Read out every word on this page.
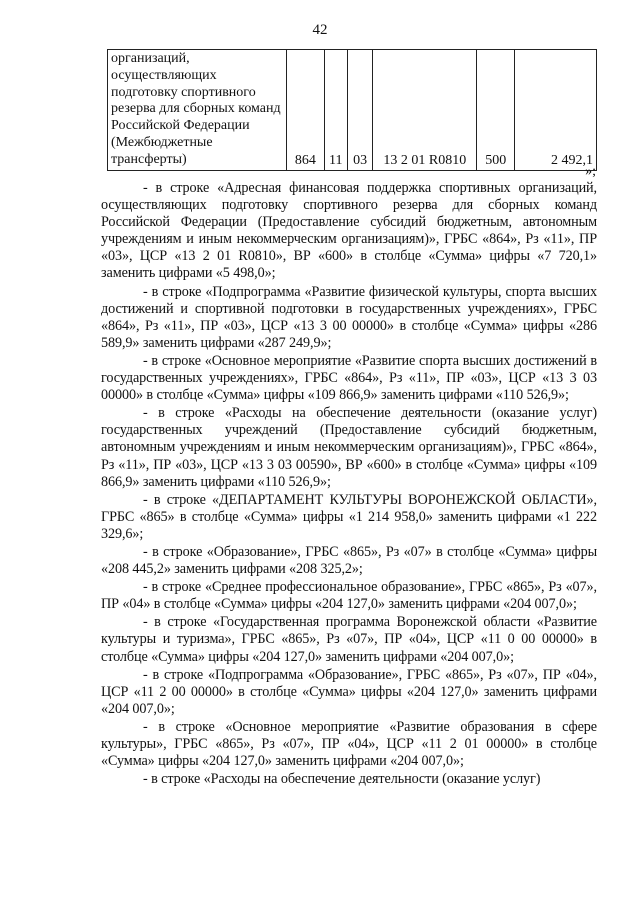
42
организаций, осуществляющих подготовку спортивного резерва для сборных команд Российской Федерации (Межбюджетные трансферты)	864	11	03	13 2 01 R0810	500	2 492,1
»;

- в строке «Адресная финансовая поддержка спортивных организаций, осуществляющих подготовку спортивного резерва для сборных команд Российской Федерации (Предоставление субсидий бюджетным, автономным учреждениям и иным некоммерческим организациям)», ГРБС «864», Рз «11», ПР «03», ЦСР «13 2 01 R0810», ВР «600» в столбце «Сумма» цифры «7 720,1» заменить цифрами «5 498,0»;

- в строке «Подпрограмма «Развитие физической культуры, спорта высших достижений и спортивной подготовки в государственных учреждениях», ГРБС «864», Рз «11», ПР «03», ЦСР «13 3 00 00000» в столбце «Сумма» цифры «286 589,9» заменить цифрами «287 249,9»;

- в строке «Основное мероприятие «Развитие спорта высших достижений в государственных учреждениях», ГРБС «864», Рз «11», ПР «03», ЦСР «13 3 03 00000» в столбце «Сумма» цифры «109 866,9» заменить цифрами «110 526,9»;

- в строке «Расходы на обеспечение деятельности (оказание услуг) государственных учреждений (Предоставление субсидий бюджетным, автономным учреждениям и иным некоммерческим организациям)», ГРБС «864», Рз «11», ПР «03», ЦСР «13 3 03 00590», ВР «600» в столбце «Сумма» цифры «109 866,9» заменить цифрами «110 526,9»;

- в строке «ДЕПАРТАМЕНТ КУЛЬТУРЫ ВОРОНЕЖСКОЙ ОБЛАСТИ», ГРБС «865» в столбце «Сумма» цифры «1 214 958,0» заменить цифрами «1 222 329,6»;

- в строке «Образование», ГРБС «865», Рз «07» в столбце «Сумма» цифры «208 445,2» заменить цифрами «208 325,2»;

- в строке «Среднее профессиональное образование», ГРБС «865», Рз «07», ПР «04» в столбце «Сумма» цифры «204 127,0» заменить цифрами «204 007,0»;

- в строке «Государственная программа Воронежской области «Развитие культуры и туризма», ГРБС «865», Рз «07», ПР «04», ЦСР «11 0 00 00000» в столбце «Сумма» цифры «204 127,0» заменить цифрами «204 007,0»;

- в строке «Подпрограмма «Образование», ГРБС «865», Рз «07», ПР «04», ЦСР «11 2 00 00000» в столбце «Сумма» цифры «204 127,0» заменить цифрами «204 007,0»;

- в строке «Основное мероприятие «Развитие образования в сфере культуры», ГРБС «865», Рз «07», ПР «04», ЦСР «11 2 01 00000» в столбце «Сумма» цифры «204 127,0» заменить цифрами «204 007,0»;

- в строке «Расходы на обеспечение деятельности (оказание услуг)
